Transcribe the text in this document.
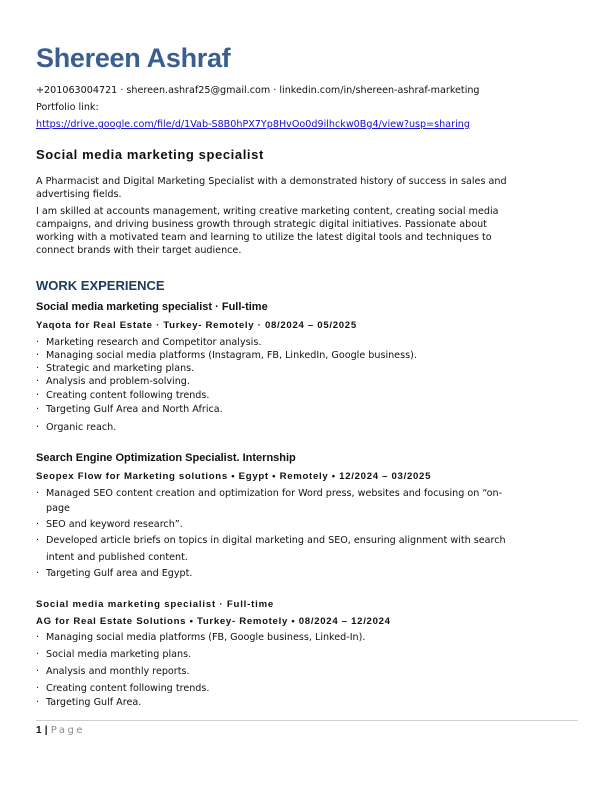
Shereen Ashraf
+201063004721 · shereen.ashraf25@gmail.com · linkedin.com/in/shereen-ashraf-marketing
Portfolio link:
https://drive.google.com/file/d/1Vab-S8B0hPX7Yp8HvOo0d9ilhckw0Bg4/view?usp=sharing
Social media marketing specialist
A Pharmacist and Digital Marketing Specialist with a demonstrated history of success in sales and
advertising fields.
I am skilled at accounts management, writing creative marketing content, creating social media
campaigns, and driving business growth through strategic digital initiatives. Passionate about
working with a motivated team and learning to utilize the latest digital tools and techniques to
connect brands with their target audience.
WORK EXPERIENCE
Social media marketing specialist · Full-time
Yaqota for Real Estate · Turkey- Remotely · 08/2024 – 05/2025
· Marketing research and Competitor analysis.
· Managing social media platforms (Instagram, FB, LinkedIn, Google business).
· Strategic and marketing plans.
· Analysis and problem-solving.
· Creating content following trends.
· Targeting Gulf Area and North Africa.
· Organic reach.
Search Engine Optimization Specialist. Internship
Seopex Flow for Marketing solutions • Egypt • Remotely • 12/2024 – 03/2025
· Managed SEO content creation and optimization for Word press, websites and focusing on “on-
page
· SEO and keyword research”.
· Developed article briefs on topics in digital marketing and SEO, ensuring alignment with search
intent and published content.
· Targeting Gulf area and Egypt.
Social media marketing specialist · Full-time
AG for Real Estate Solutions • Turkey- Remotely • 08/2024 – 12/2024
· Managing social media platforms (FB, Google business, Linked-In).
· Social media marketing plans.
· Analysis and monthly reports.
· Creating content following trends.
· Targeting Gulf Area.
1 | Page
